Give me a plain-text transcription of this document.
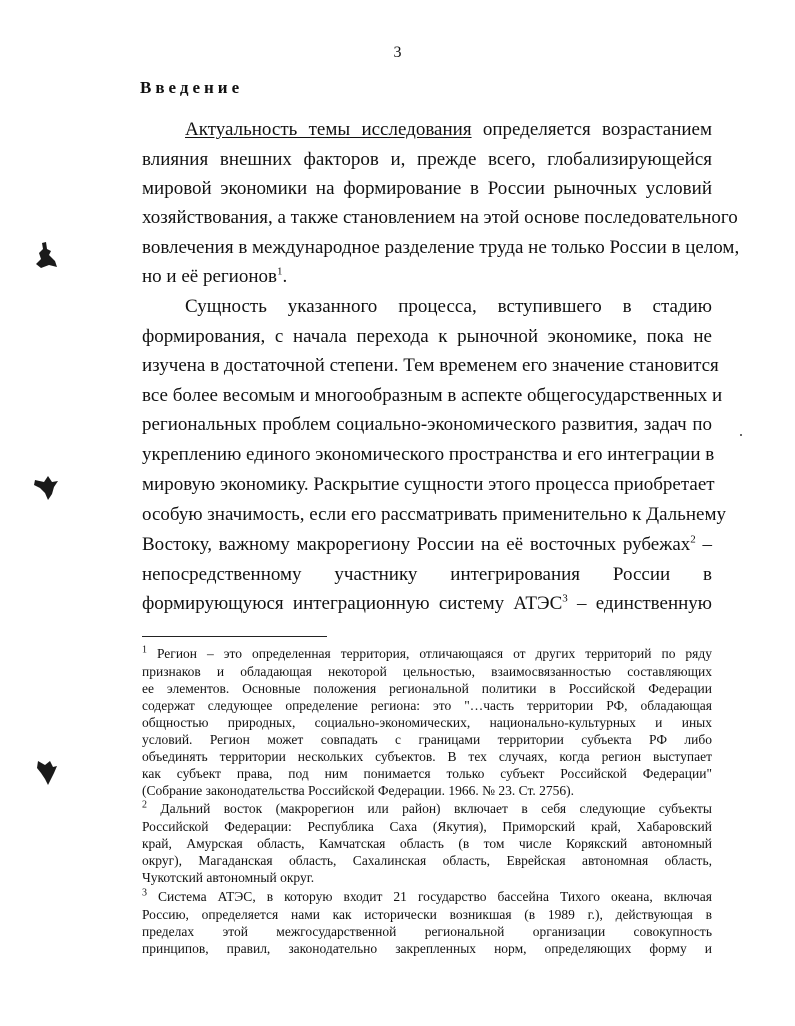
3
Введение
Актуальность темы исследования определяется возрастанием
влияния внешних факторов и, прежде всего, глобализирующейся
мировой экономики на формирование в России рыночных условий
хозяйствования, а также становлением на этой основе последовательного
вовлечения в международное разделение труда не только России в целом,
но и её регионов$^1$.
Сущность указанного процесса, вступившего в стадию
формирования, с начала перехода к рыночной экономике, пока не
изучена в достаточной степени. Тем временем его значение становится
все более весомым и многообразным в аспекте общегосударственных и
региональных проблем социально-экономического развития, задач по
укреплению единого экономического пространства и его интеграции в
мировую экономику. Раскрытие сущности этого процесса приобретает
особую значимость, если его рассматривать применительно к Дальнему
Востоку, важному макрорегиону России на её восточных рубежах$^2$ –
непосредственному участнику интегрирования России в
формирующуюся интеграционную систему АТЭС$^3$ – единственную
$^1$ Регион – это определенная территория, отличающаяся от других территорий по ряду
признаков и обладающая некоторой цельностью, взаимосвязанностью составляющих
ее элементов. Основные положения региональной политики в Российской Федерации
содержат следующее определение региона: это "…часть территории РФ, обладающая
общностью природных, социально-экономических, национально-культурных и иных
условий. Регион может совпадать с границами территории субъекта РФ либо
объединять территории нескольких субъектов. В тех случаях, когда регион выступает
как субъект права, под ним понимается только субъект Российской Федерации"
(Собрание законодательства Российской Федерации. 1966. № 23. Ст. 2756).
$^2$ Дальний восток (макрорегион или район) включает в себя следующие субъекты
Российской Федерации: Республика Саха (Якутия), Приморский край, Хабаровский
край, Амурская область, Камчатская область (в том числе Корякский автономный
округ), Магаданская область, Сахалинская область, Еврейская автономная область,
Чукотский автономный округ.
$^3$ Система АТЭС, в которую входит 21 государство бассейна Тихого океана, включая
Россию, определяется нами как исторически возникшая (в 1989 г.), действующая в
пределах этой межгосударственной региональной организации совокупность
принципов, правил, законодательно закрепленных норм, определяющих форму и
